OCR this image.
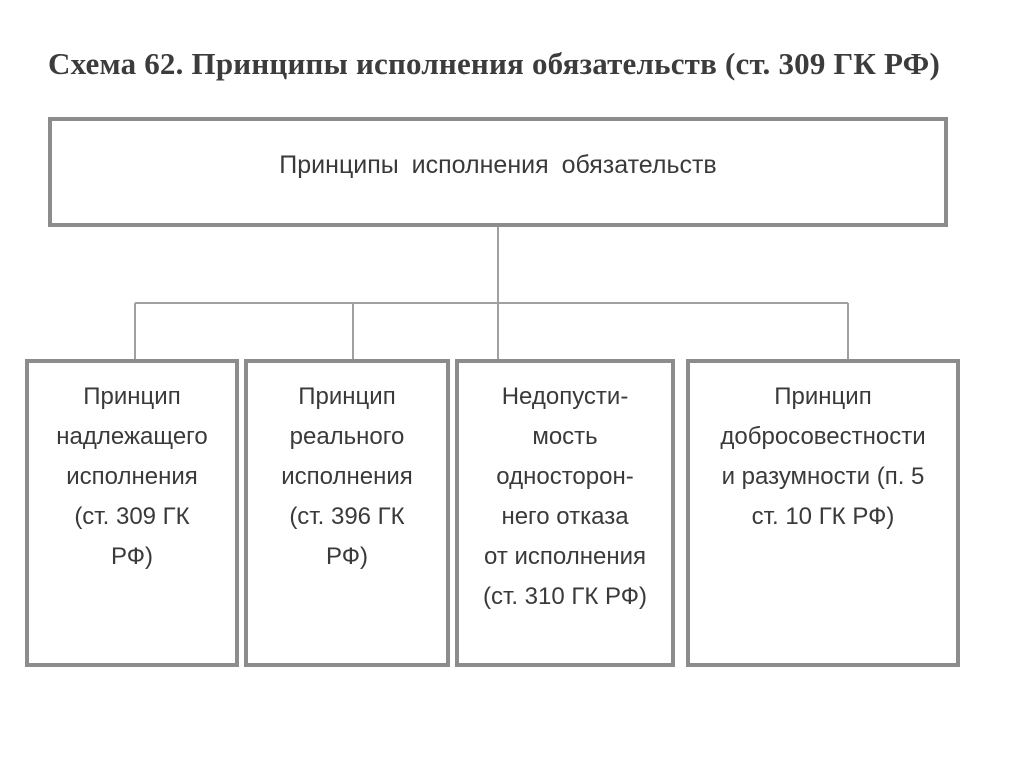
Схема 62. Принципы исполнения обязательств (ст. 309 ГК РФ)
Принципы исполнения обязательств
Принцип
надлежащего
исполнения
(ст. 309 ГК
РФ)
Принцип
реального
исполнения
(ст. 396 ГК
РФ)
Недопусти-
мость
односторон-
него отказа
от исполнения
(ст. 310 ГК РФ)
Принцип
добросовестности
и разумности (п. 5
ст. 10 ГК РФ)
